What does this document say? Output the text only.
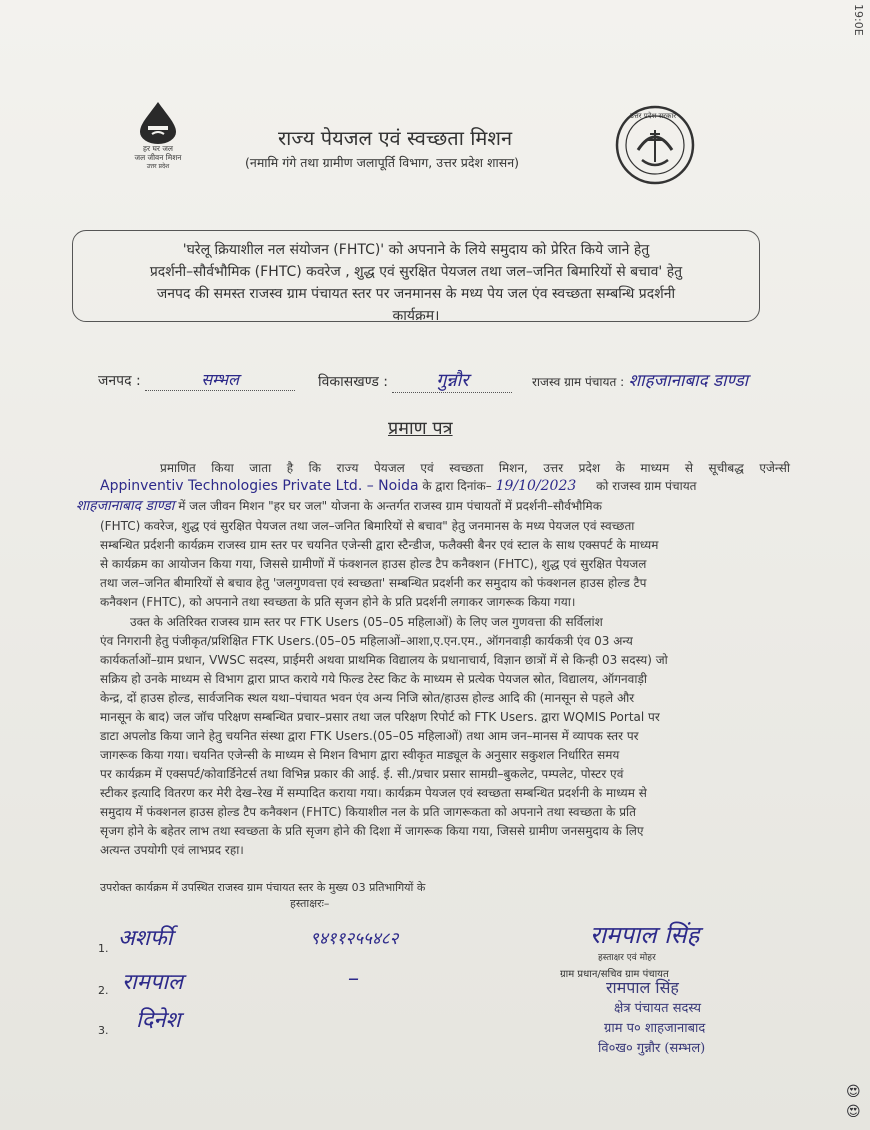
हर घर जल
जल जीवन मिशन
उत्तर प्रदेश
राज्य पेयजल एवं स्वच्छता मिशन
(नमामि गंगे तथा ग्रामीण जलापूर्ति विभाग, उत्तर प्रदेश शासन)
उत्तर प्रदेश सरकार
'घरेलू क्रियाशील नल संयोजन (FHTC)' को अपनाने के लिये समुदाय को प्रेरित किये जाने हेतु
प्रदर्शनी–सौर्वभौमिक (FHTC) कवरेज , शुद्ध एवं सुरक्षित पेयजल तथा जल–जनित बिमारियों से बचाव' हेतु
जनपद की समस्त राजस्व ग्राम पंचायत स्तर पर जनमानस के मध्य पेय जल एंव स्वच्छता सम्बन्धि प्रदर्शनी
कार्यक्रम।
जनपद :	सम्भल	विकासखण्ड :	गुन्नौर	राजस्व ग्राम पंचायत : शाहजानाबाद डाण्डा
प्रमाण पत्र
प्रमाणित किया जाता है कि राज्य पेयजल एवं स्वच्छता मिशन, उत्तर प्रदेश के माध्यम से सूचीबद्ध एजेन्सी
Appinventiv Technologies Private Ltd. – Noida के द्वारा दिनांक– 19/10/2023 को राजस्व ग्राम पंचायत
शाहजानाबाद डाण्डा में जल जीवन मिशन "हर घर जल" योजना के अन्तर्गत राजस्व ग्राम पंचायतों में प्रदर्शनी–सौर्वभौमिक
(FHTC) कवरेज, शुद्ध एवं सुरक्षित पेयजल तथा जल–जनित बिमारियों से बचाव" हेतु जनमानस के मध्य पेयजल एवं स्वच्छता
सम्बन्धित प्रर्दशनी कार्यक्रम राजस्व ग्राम स्तर पर चयनित एजेन्सी द्वारा स्टैन्डीज, फलैक्सी बैनर एवं स्टाल के साथ एक्सपर्ट के माध्यम
से कार्यक्रम का आयोजन किया गया, जिससे ग्रामीणों में फंक्शनल हाउस होल्ड टैप कनैक्शन (FHTC), शुद्ध एवं सुरक्षित पेयजल
तथा जल–जनित बीमारियों से बचाव हेतु 'जलगुणवत्ता एवं स्वच्छता' सम्बन्धित प्रदर्शनी कर समुदाय को फंक्शनल हाउस होल्ड टैप
कनैक्शन (FHTC), को अपनाने तथा स्वच्छता के प्रति सृजन होने के प्रति प्रदर्शनी लगाकर जागरूक किया गया।
उक्त के अतिरिक्त राजस्व ग्राम स्तर पर FTK Users (05–05 महिलाओं) के लिए जल गुणवत्ता की सर्विलांश
एंव निगरानी हेतु पंजीकृत/प्रशिक्षित FTK Users.(05–05 महिलाओं–आशा,ए.एन.एम., ऑगनवाड़ी कार्यकत्री एंव 03 अन्य
कार्यकर्ताओं–ग्राम प्रधान, VWSC सदस्य, प्राईमरी अथवा प्राथमिक विद्यालय के प्रधानाचार्य, विज्ञान छात्रों में से किन्ही 03 सदस्य) जो
सक्रिय हो उनके माध्यम से विभाग द्वारा प्राप्त कराये गये फिल्ड टेस्ट किट के माध्यम से प्रत्येक पेयजल स्रोत, विद्यालय, ऑगनवाड़ी
केन्द्र, दों हाउस होल्ड, सार्वजनिक स्थल यथा–पंचायत भवन एंव अन्य निजि स्रोत/हाउस होल्ड आदि की (मानसून से पहले और
मानसून के बाद) जल जॉच परिक्षण सम्बन्धित प्रचार–प्रसार तथा जल परिक्षण रिपोर्ट को FTK Users. द्वारा WQMIS Portal पर
डाटा अपलोड किया जाने हेतु चयनित संस्था द्वारा FTK Users.(05–05 महिलाओं) तथा आम जन–मानस में व्यापक स्तर पर
जागरूक किया गया। चयनित एजेन्सी के माध्यम से मिशन विभाग द्वारा स्वीकृत माड्यूल के अनुसार सकुशल निर्धारित समय
पर कार्यक्रम में एक्सपर्ट/कोवार्डिनेटर्स तथा विभिन्न प्रकार की आई. ई. सी./प्रचार प्रसार सामग्री–बुकलेट, पम्पलेट, पोस्टर एवं
स्टीकर इत्यादि वितरण कर मेरी देख–रेख में सम्पादित कराया गया। कार्यक्रम पेयजल एवं स्वच्छता सम्बन्धित प्रदर्शनी के माध्यम से
समुदाय में फंक्शनल हाउस होल्ड टैप कनैक्शन (FHTC) कियाशील नल के प्रति जागरूकता को अपनाने तथा स्वच्छता के प्रति
सृजग होने के बहेतर लाभ तथा स्वच्छता के प्रति सृजग होने की दिशा में जागरूक किया गया, जिससे ग्रामीण जनसमुदाय के लिए
अत्यन्त उपयोगी एवं लाभप्रद रहा।
उपरोक्त कार्यक्रम में उपस्थित राजस्व ग्राम पंचायत स्तर के मुख्य 03 प्रतिभागियों के
हस्ताक्षरः–
1. अशर्फी	९४११२५५४८२
2. रामपाल	–
3. दिनेश
रामपाल सिंह
हस्ताक्षर एवं मोहर
ग्राम प्रधान/सचिव ग्राम पंचायत
रामपाल सिंह
क्षेत्र पंचायत सदस्य
ग्राम प० शाहजानाबाद
वि०ख० गुन्नौर (सम्भल)
19:0E
😍
😍
